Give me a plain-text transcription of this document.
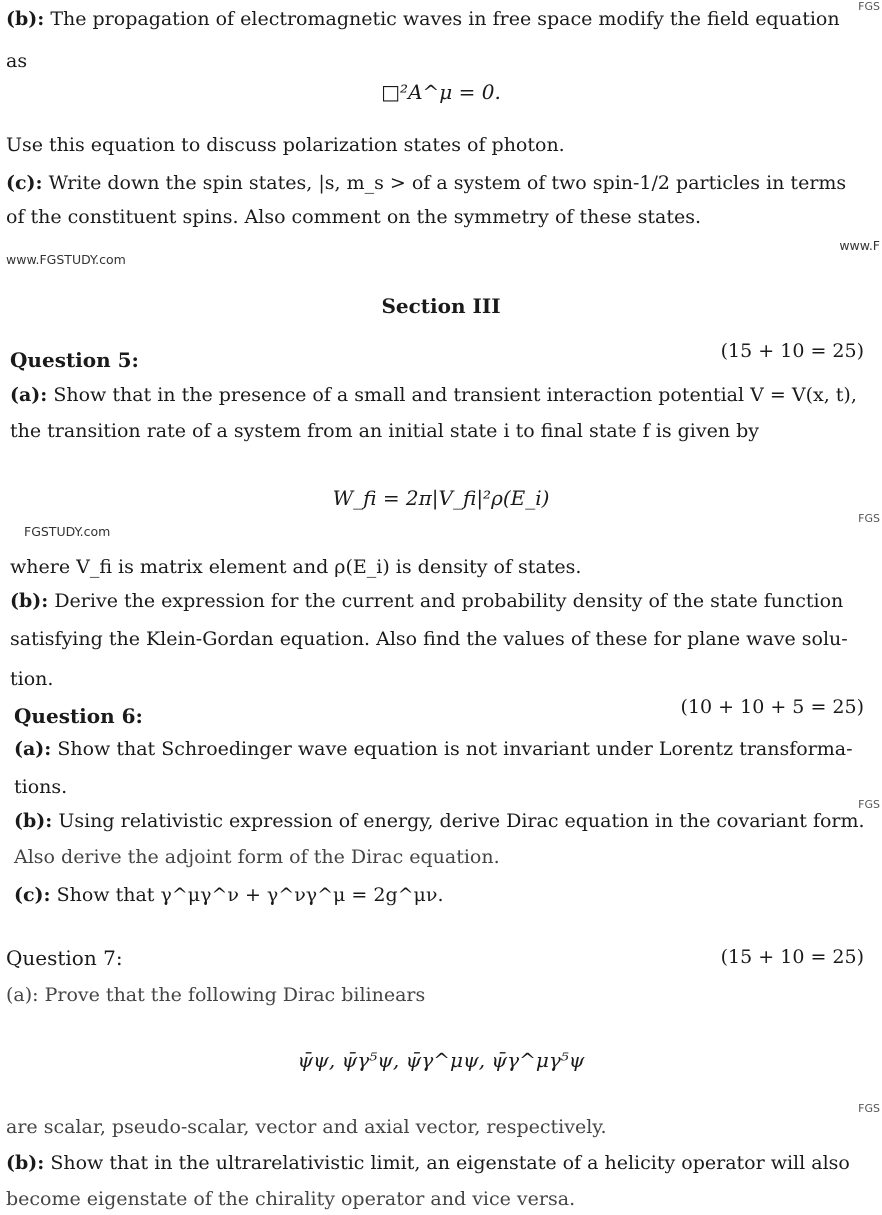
FGS
www.F
www.FGSTUDY.com
FGSTUDY.com
FGS
FGS
FGS
(b): The propagation of electromagnetic waves in free space modify the field equation
as
□²A^μ = 0.
Use this equation to discuss polarization states of photon.
(c): Write down the spin states, |s, m_s > of a system of two spin-1/2 particles in terms
of the constituent spins. Also comment on the symmetry of these states.
Section III
Question 5:	(15 + 10 = 25)
(a): Show that in the presence of a small and transient interaction potential V = V(x, t),
the transition rate of a system from an initial state i to final state f is given by
W_fi = 2π|V_fi|²ρ(E_i)
where V_fi is matrix element and ρ(E_i) is density of states.
(b): Derive the expression for the current and probability density of the state function
satisfying the Klein-Gordan equation. Also find the values of these for plane wave solu-
tion.
Question 6:	(10 + 10 + 5 = 25)
(a): Show that Schroedinger wave equation is not invariant under Lorentz transforma-
tions.
(b): Using relativistic expression of energy, derive Dirac equation in the covariant form.
Also derive the adjoint form of the Dirac equation.
(c): Show that γ^μγ^ν + γ^νγ^μ = 2g^μν.
Question 7:	(15 + 10 = 25)
(a): Prove that the following Dirac bilinears
ψ̄ψ, ψ̄γ⁵ψ, ψ̄γ^μψ, ψ̄γ^μγ⁵ψ
are scalar, pseudo-scalar, vector and axial vector, respectively.
(b): Show that in the ultrarelativistic limit, an eigenstate of a helicity operator will also
become eigenstate of the chirality operator and vice versa.
